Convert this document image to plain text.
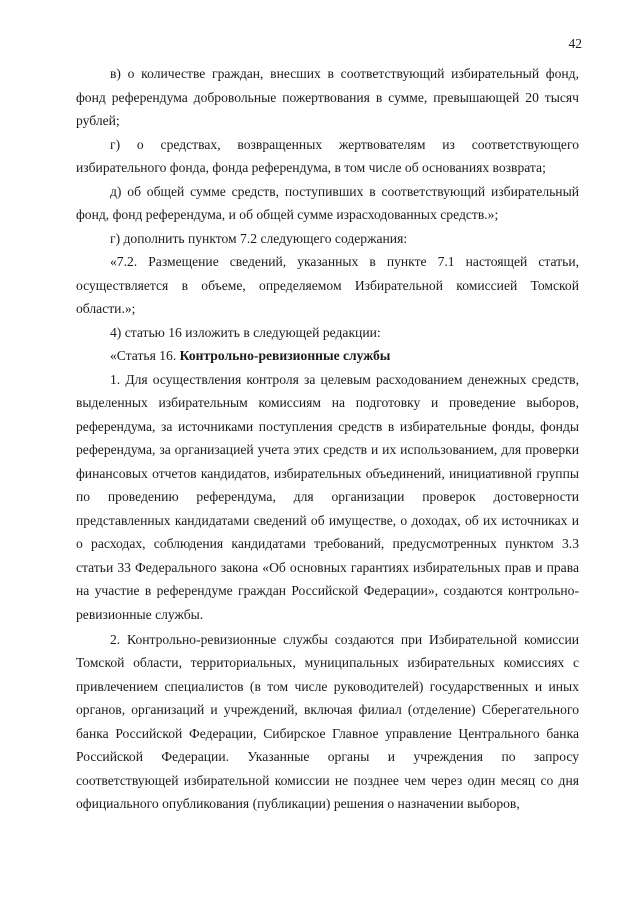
42

в) о количестве граждан, внесших в соответствующий избирательный фонд, фонд референдума добровольные пожертвования в сумме, превышающей 20 тысяч рублей;

г) о средствах, возвращенных жертвователям из соответствующего избирательного фонда, фонда референдума, в том числе об основаниях возврата;

д) об общей сумме средств, поступивших в соответствующий избирательный фонд, фонд референдума, и об общей сумме израсходованных средств.»;

г) дополнить пунктом 7.2 следующего содержания:

«7.2. Размещение сведений, указанных в пункте 7.1 настоящей статьи, осуществляется в объеме, определяемом Избирательной комиссией Томской области.»;

4) статью 16 изложить в следующей редакции:

«Статья 16. Контрольно-ревизионные службы

1. Для осуществления контроля за целевым расходованием денежных средств, выделенных избирательным комиссиям на подготовку и проведение выборов, референдума, за источниками поступления средств в избирательные фонды, фонды референдума, за организацией учета этих средств и их использованием, для проверки финансовых отчетов кандидатов, избирательных объединений, инициативной группы по проведению референдума, для организации проверок достоверности представленных кандидатами сведений об имуществе, о доходах, об их источниках и о расходах, соблюдения кандидатами требований, предусмотренных пунктом 3.3 статьи 33 Федерального закона «Об основных гарантиях избирательных прав и права на участие в референдуме граждан Российской Федерации», создаются контрольно-ревизионные службы.

2. Контрольно-ревизионные службы создаются при Избирательной комиссии Томской области, территориальных, муниципальных избирательных комиссиях с привлечением специалистов (в том числе руководителей) государственных и иных органов, организаций и учреждений, включая филиал (отделение) Сберегательного банка Российской Федерации, Сибирское Главное управление Центрального банка Российской Федерации. Указанные органы и учреждения по запросу соответствующей избирательной комиссии не позднее чем через один месяц со дня официального опубликования (публикации) решения о назначении выборов,
